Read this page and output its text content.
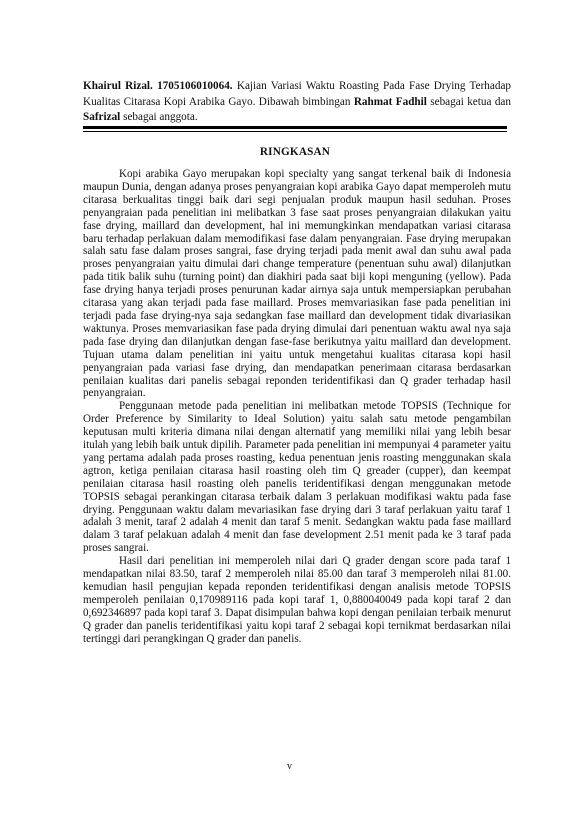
Khairul Rizal. 1705106010064. Kajian Variasi Waktu Roasting Pada Fase Drying Terhadap Kualitas Citarasa Kopi Arabika Gayo. Dibawah bimbingan Rahmat Fadhil sebagai ketua dan Safrizal sebagai anggota.
RINGKASAN

Kopi arabika Gayo merupakan kopi specialty yang sangat terkenal baik di Indonesia maupun Dunia, dengan adanya proses penyangraian kopi arabika Gayo dapat memperoleh mutu citarasa berkualitas tinggi baik dari segi penjualan produk maupun hasil seduhan. Proses penyangraian pada penelitian ini melibatkan 3 fase saat proses penyangraian dilakukan yaitu fase drying, maillard dan development, hal ini memungkinkan mendapatkan variasi citarasa baru terhadap perlakuan dalam memodifikasi fase dalam penyangraian. Fase drying merupakan salah satu fase dalam proses sangrai, fase drying terjadi pada menit awal dan suhu awal pada proses penyangraian yaitu dimulai dari change temperature (penentuan suhu awal) dilanjutkan pada titik balik suhu (turning point) dan diakhiri pada saat biji kopi menguning (yellow). Pada fase drying hanya terjadi proses penurunan kadar airnya saja untuk mempersiapkan perubahan citarasa yang akan terjadi pada fase maillard. Proses memvariasikan fase pada penelitian ini terjadi pada fase drying-nya saja sedangkan fase maillard dan development tidak divariasikan waktunya. Proses memvariasikan fase pada drying dimulai dari penentuan waktu awal nya saja pada fase drying dan dilanjutkan dengan fase-fase berikutnya yaitu maillard dan development. Tujuan utama dalam penelitian ini yaitu untuk mengetahui kualitas citarasa kopi hasil penyangraian pada variasi fase drying, dan mendapatkan penerimaan citarasa berdasarkan penilaian kualitas dari panelis sebagai reponden teridentifikasi dan Q grader terhadap hasil penyangraian.

Penggunaan metode pada penelitian ini melibatkan metode TOPSIS (Technique for Order Preference by Similarity to Ideal Solution) yaitu salah satu metode pengambilan keputusan multi kriteria dimana nilai dengan alternatif yang memiliki nilai yang lebih besar itulah yang lebih baik untuk dipilih. Parameter pada penelitian ini mempunyai 4 parameter yaitu yang pertama adalah pada proses roasting, kedua penentuan jenis roasting menggunakan skala agtron, ketiga penilaian citarasa hasil roasting oleh tim Q greader (cupper), dan keempat penilaian citarasa hasil roasting oleh panelis teridentifikasi dengan menggunakan metode TOPSIS sebagai perankingan citarasa terbaik dalam 3 perlakuan modifikasi waktu pada fase drying. Penggunaan waktu dalam mevariasikan fase drying dari 3 taraf perlakuan yaitu taraf 1 adalah 3 menit, taraf 2 adalah 4 menit dan taraf 5 menit. Sedangkan waktu pada fase maillard dalam 3 taraf pelakuan adalah 4 menit dan fase development 2.51 menit pada ke 3 taraf pada proses sangrai.

Hasil dari penelitian ini memperoleh nilai dari Q grader dengan score pada taraf 1 mendapatkan nilai 83.50, taraf 2 memperoleh nilai 85.00 dan taraf 3 memperoleh nilai 81.00. kemudian hasil pengujian kepada reponden teridentifikasi dengan analisis metode TOPSIS memperoleh penilaian 0,170989116 pada kopi taraf 1, 0,880040049 pada kopi taraf 2 dan 0,692346897 pada kopi taraf 3. Dapat disimpulan bahwa kopi dengan penilaian terbaik menurut Q grader dan panelis teridentifikasi yaitu kopi taraf 2 sebagai kopi ternikmat berdasarkan nilai tertinggi dari perangkingan Q grader dan panelis.

v
